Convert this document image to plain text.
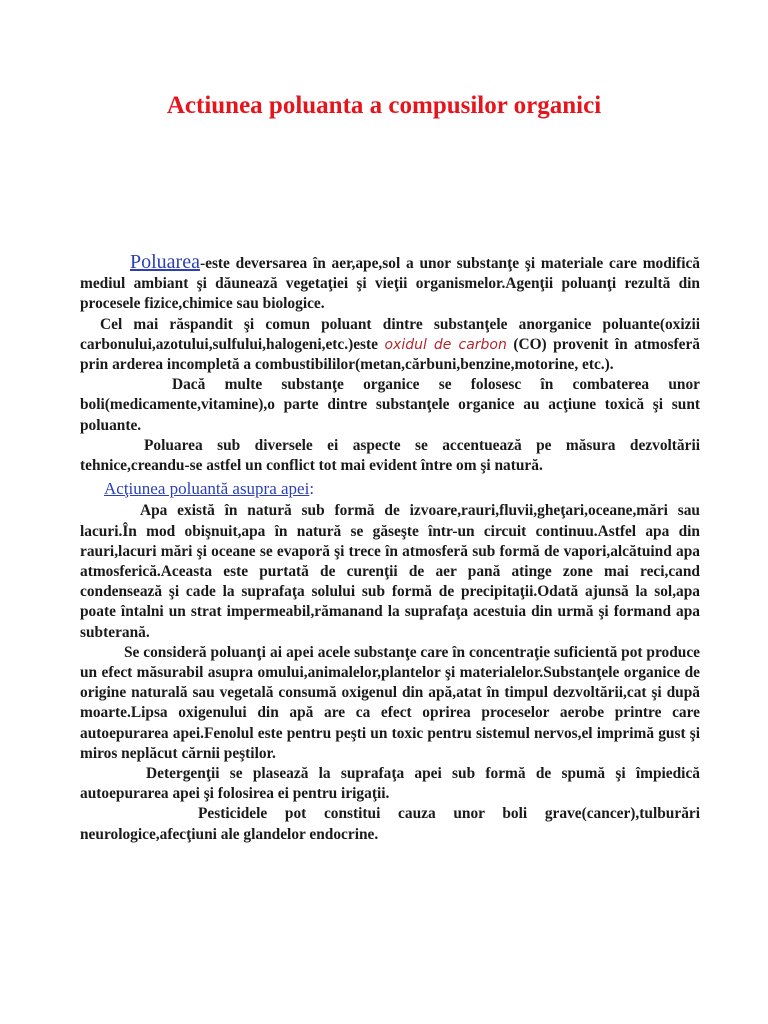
Actiunea poluanta a compusilor organici

Poluarea-este deversarea în aer,ape,sol a unor substanţe şi materiale care modifică mediul ambiant şi dăunează vegetaţiei şi vieţii organismelor.Agenţii poluanţi rezultă din procesele fizice,chimice sau biologice.

Cel mai răspandit şi comun poluant dintre substanţele anorganice poluante(oxizii carbonului,azotului,sulfului,halogeni,etc.)este oxidul de carbon (CO) provenit în atmosferă prin arderea incompletă a combustibililor(metan,cărbuni,benzine,motorine, etc.).

Dacă multe substanţe organice se folosesc în combaterea unor boli(medicamente,vitamine),o parte dintre substanţele organice au acţiune toxică şi sunt poluante.

Poluarea sub diversele ei aspecte se accentuează pe măsura dezvoltării tehnice,creandu-se astfel un conflict tot mai evident între om şi natură.

Acţiunea poluantă asupra apei:

Apa există în natură sub formă de izvoare,rauri,fluvii,gheţari,oceane,mări sau lacuri.În mod obişnuit,apa în natură se găseşte într-un circuit continuu.Astfel apa din rauri,lacuri mări şi oceane se evaporă şi trece în atmosferă sub formă de vapori,alcătuind apa atmosferică.Aceasta este purtată de curenţii de aer pană atinge zone mai reci,cand condensează şi cade la suprafaţa solului sub formă de precipitaţii.Odată ajunsă la sol,apa poate întalni un strat impermeabil,rămanand la suprafaţa acestuia din urmă şi formand apa subterană.

Se consideră poluanţi ai apei acele substanţe care în concentraţie suficientă pot produce un efect măsurabil asupra omului,animalelor,plantelor şi materialelor.Substanţele organice de origine naturală sau vegetală consumă oxigenul din apă,atat în timpul dezvoltării,cat şi după moarte.Lipsa oxigenului din apă are ca efect oprirea proceselor aerobe printre care autoepurarea apei.Fenolul este pentru peşti un toxic pentru sistemul nervos,el imprimă gust şi miros neplăcut cărnii peştilor.

Detergenţii se plasează la suprafaţa apei sub formă de spumă şi împiedică autoepurarea apei şi folosirea ei pentru irigaţii.

Pesticidele pot constitui cauza unor boli grave(cancer),tulburări neurologice,afecţiuni ale glandelor endocrine.
